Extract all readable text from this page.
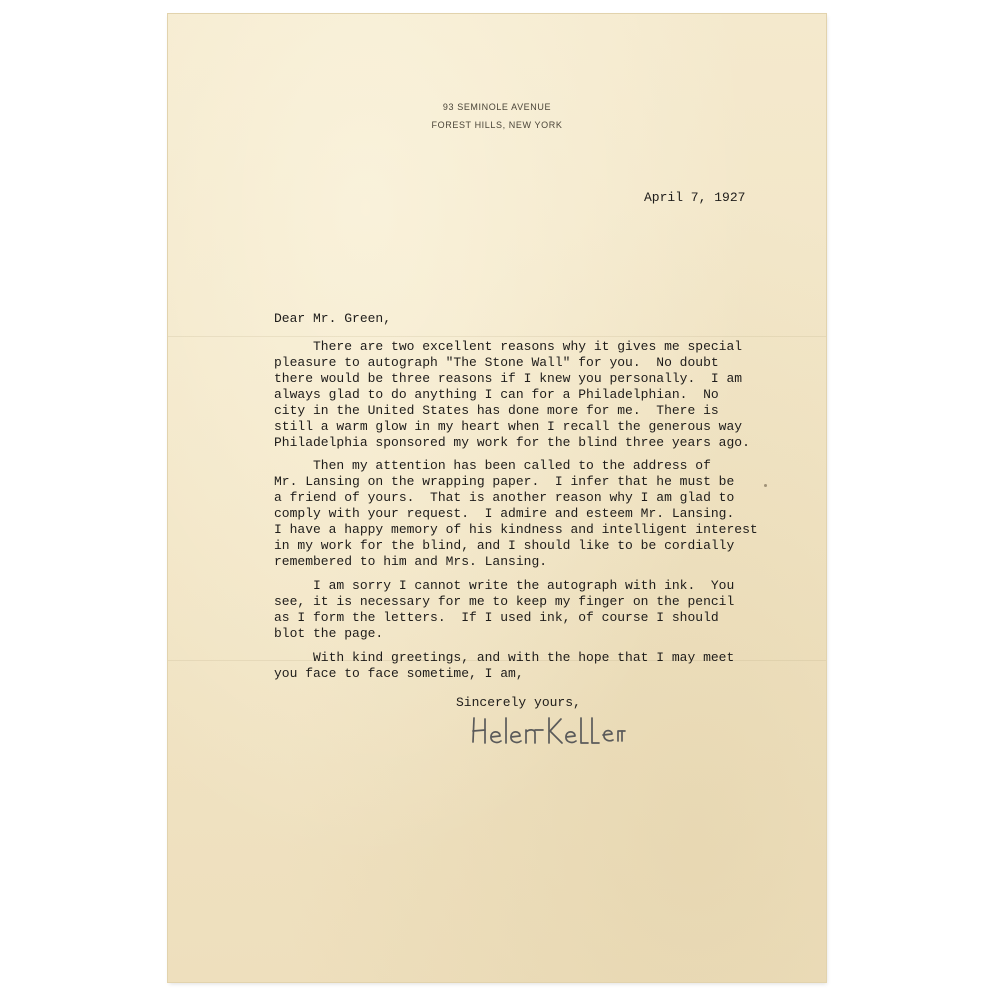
93 SEMINOLE AVENUE
FOREST HILLS, NEW YORK
April 7, 1927
Dear Mr. Green,
There are two excellent reasons why it gives me special
pleasure to autograph "The Stone Wall" for you.  No doubt
there would be three reasons if I knew you personally.  I am
always glad to do anything I can for a Philadelphian.  No
city in the United States has done more for me.  There is
still a warm glow in my heart when I recall the generous way
Philadelphia sponsored my work for the blind three years ago.
Then my attention has been called to the address of
Mr. Lansing on the wrapping paper.  I infer that he must be
a friend of yours.  That is another reason why I am glad to
comply with your request.  I admire and esteem Mr. Lansing.
I have a happy memory of his kindness and intelligent interest
in my work for the blind, and I should like to be cordially
remembered to him and Mrs. Lansing.
I am sorry I cannot write the autograph with ink.  You
see, it is necessary for me to keep my finger on the pencil
as I form the letters.  If I used ink, of course I should
blot the page.
With kind greetings, and with the hope that I may meet
you face to face sometime, I am,
Sincerely yours,
